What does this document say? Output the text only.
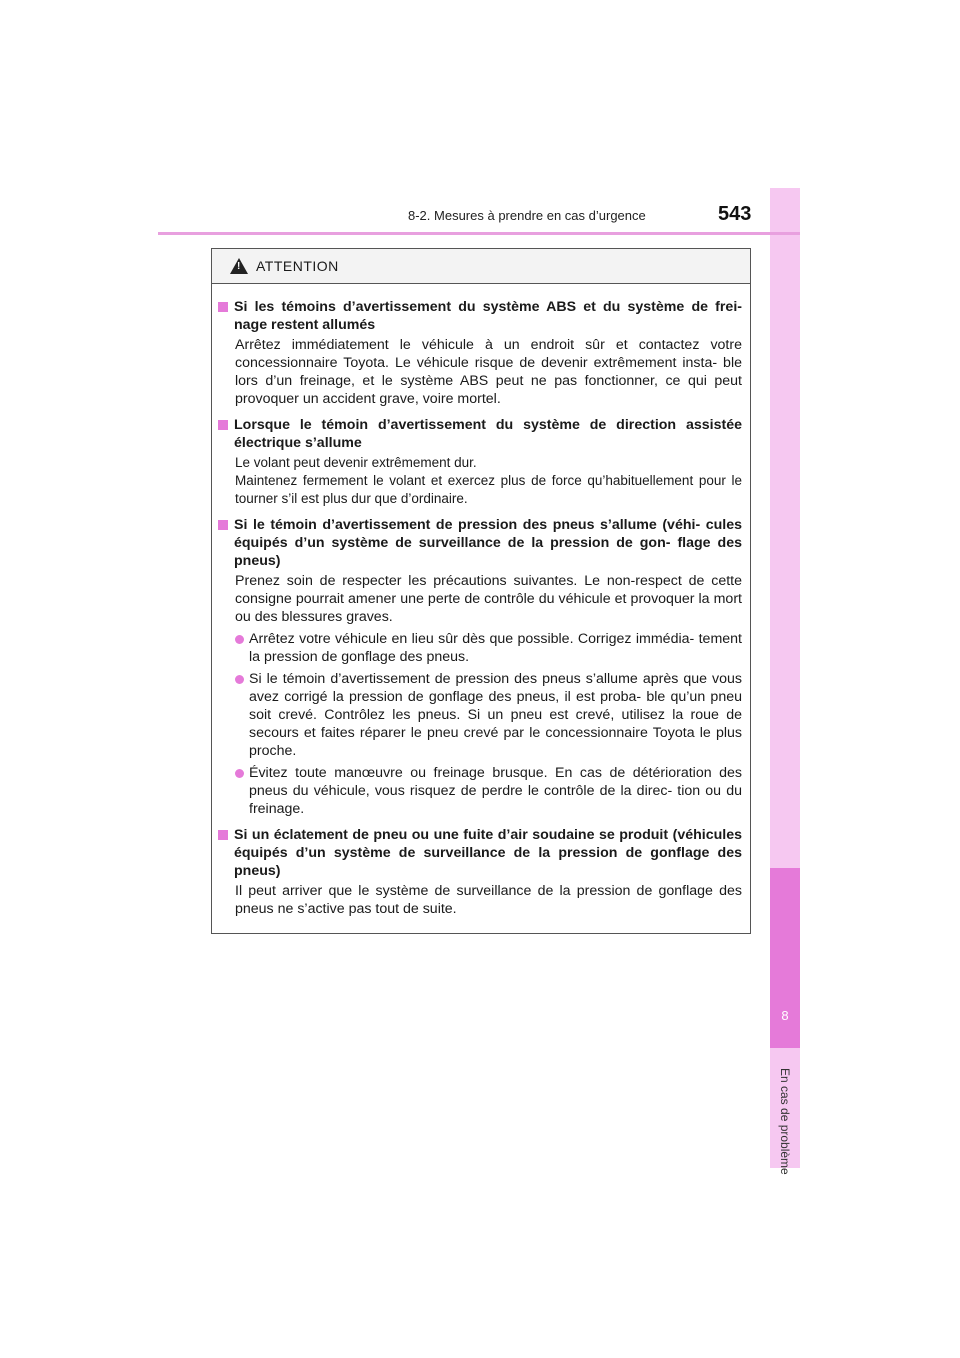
8
En cas de problème
8-2. Mesures à prendre en cas d’urgence	543
!
ATTENTION
Si les témoins d’avertissement du système ABS et du système de frei- nage restent allumés

Arrêtez immédiatement le véhicule à un endroit sûr et contactez votre concessionnaire Toyota. Le véhicule risque de devenir extrêmement insta- ble lors d’un freinage, et le système ABS peut ne pas fonctionner, ce qui peut provoquer un accident grave, voire mortel.

Lorsque le témoin d’avertissement du système de direction assistée électrique s’allume

Le volant peut devenir extrêmement dur.

Maintenez fermement le volant et exercez plus de force qu’habituellement pour le tourner s’il est plus dur que d’ordinaire.

Si le témoin d’avertissement de pression des pneus s’allume (véhi- cules équipés d’un système de surveillance de la pression de gon- flage des pneus)

Prenez soin de respecter les précautions suivantes. Le non-respect de cette consigne pourrait amener une perte de contrôle du véhicule et provoquer la mort ou des blessures graves.

Arrêtez votre véhicule en lieu sûr dès que possible. Corrigez immédia- tement la pression de gonflage des pneus.
Si le témoin d’avertissement de pression des pneus s’allume après que vous avez corrigé la pression de gonflage des pneus, il est proba- ble qu’un pneu soit crevé. Contrôlez les pneus. Si un pneu est crevé, utilisez la roue de secours et faites réparer le pneu crevé par le concessionnaire Toyota le plus proche.
Évitez toute manœuvre ou freinage brusque. En cas de détérioration des pneus du véhicule, vous risquez de perdre le contrôle de la direc- tion ou du freinage.
Si un éclatement de pneu ou une fuite d’air soudaine se produit (véhicules équipés d’un système de surveillance de la pression de gonflage des pneus)

Il peut arriver que le système de surveillance de la pression de gonflage des pneus ne s’active pas tout de suite.
